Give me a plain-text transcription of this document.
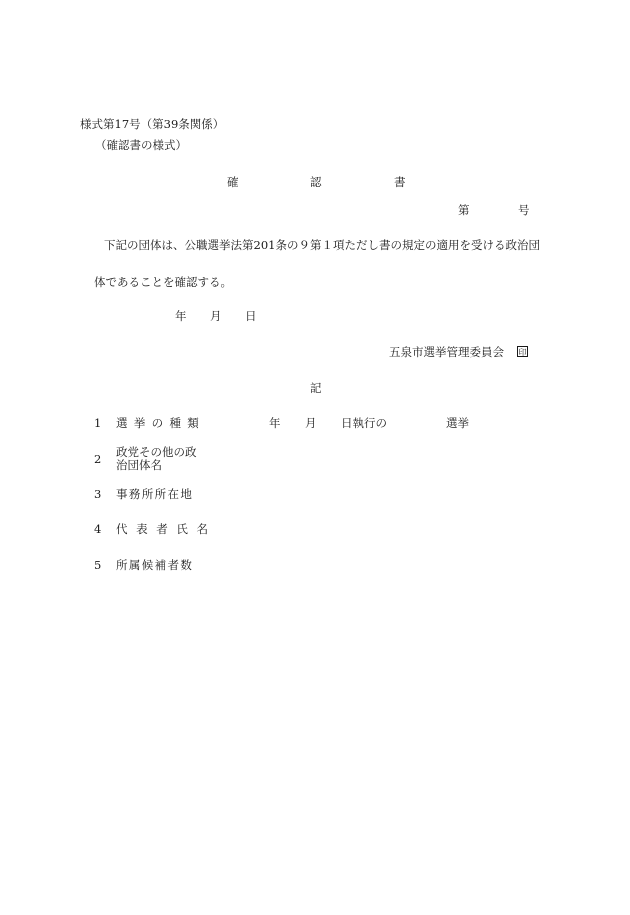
様式第17号（第39条関係）
（確認書の様式）
確	認	書
第	号
下記の団体は、公職選挙法第201条の９第１項ただし書の規定の適用を受ける政治団
体であることを確認する。
年 月 日
五泉市選挙管理委員会 印
記
1 選挙の種類	年 月 日執行の	選挙
2 政党その他の政
治団体名
3 事務所所在地
4 代表者氏名
5 所属候補者数
